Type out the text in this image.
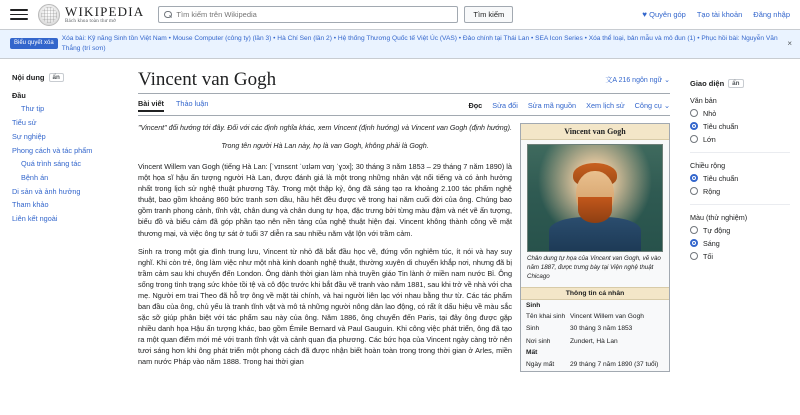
WIKIPEDIA
Bách khoa toàn thư mở
Tìm kiếm trên Wikipedia
Tìm kiếm	♥ Quyên góp Tạo tài khoản Đăng nhập
Biểu quyết xóa
Xóa bài: Kỹ năng Sinh tồn Việt Nam • Mouse Computer (công ty) (lần 3) • Hà Chí Sen (lần 2) • Hệ thống Thương Quốc tế Việt Úc (VAS) • Đảo chính tại Thái Lan • SEA Icon Series • Xóa thể loại, bản mẫu và mô đun (1) • Phục hồi bài: Nguyễn Văn Thắng (trí sơn)
×
Nội dung	ẩn
Đầu
Thư tịp
Tiểu sử
Sự nghiệp
Phong cách và tác phẩm
Quá trình sáng tác
Bệnh án
Di sản và ảnh hưởng
Tham khảo
Liên kết ngoài
文A 216 ngôn ngữ ⌄
Vincent van Gogh
Bài viết Thảo luận	Đọc Sửa đổi Sửa mã nguồn Xem lịch sử Công cụ ⌄
Vincent van Gogh
Chân dung tự họa của Vincent van Gogh, vẽ vào năm 1887, được trưng bày tại Viện nghệ thuật Chicago
Thông tin cá nhân
Sinh
Tên khai sinh Vincent Willem van Gogh
Sinh	30 tháng 3 năm 1853
Nơi sinh	Zundert, Hà Lan
Mất
Ngày mất	29 tháng 7 năm 1890 (37 tuổi)
"Vincent" đổi hướng tới đây. Đối với các định nghĩa khác, xem Vincent (định hướng) và Vincent van Gogh (định hướng).
Trong tên người Hà Lan này, họ là van Gogh, không phải là Gogh.

Vincent Willem van Gogh (tiếng Hà Lan: [ˈvɪnsɛnt ˈʋɪləm vɑŋ ˈɣɔx]; 30 tháng 3 năm 1853 – 29 tháng 7 năm 1890) là một họa sĩ hậu ấn tượng người Hà Lan, được đánh giá là một trong những nhân vật nổi tiếng và có ảnh hưởng nhất trong lịch sử nghệ thuật phương Tây. Trong một thập kỷ, ông đã sáng tạo ra khoảng 2.100 tác phẩm nghệ thuật, bao gồm khoảng 860 bức tranh sơn dầu, hầu hết đều được vẽ trong hai năm cuối đời của ông. Chúng bao gồm tranh phong cảnh, tĩnh vật, chân dung và chân dung tự họa, đặc trưng bởi từng màu đậm và nét vẽ ấn tượng, biểu đồ và biểu cảm đã góp phần tạo nên nền tảng của nghệ thuật hiện đại. Vincent không thành công về mặt thương mại, và việc ông tự sát ở tuổi 37 diễn ra sau nhiều năm vật lộn với trầm cảm.

Sinh ra trong một gia đình trung lưu, Vincent từ nhỏ đã bắt đầu học vẽ, đứng vốn nghiêm túc, ít nói và hay suy nghĩ. Khi còn trẻ, ông làm việc như một nhà kinh doanh nghệ thuật, thường xuyên di chuyển khắp nơi, nhưng đã bị trầm cảm sau khi chuyển đến London. Ông dành thời gian làm nhà truyền giáo Tin lành ở miền nam nước Bỉ. Ông sống trong tình trạng sức khỏe tồi tệ và cô độc trước khi bắt đầu vẽ tranh vào năm 1881, sau khi trở về nhà với cha mẹ. Người em trai Theo đã hỗ trợ ông về mặt tài chính, và hai người liên lạc với nhau bằng thư từ. Các tác phẩm ban đầu của ông, chủ yếu là tranh tĩnh vật và mô tả những người nông dân lao động, có rất ít dấu hiệu về màu sắc sặc sỡ giúp phân biệt với tác phẩm sau này của ông. Năm 1886, ông chuyển đến Paris, tại đây ông được gặp nhiều danh họa Hậu ấn tượng khác, bao gồm Émile Bernard và Paul Gauguin. Khi công việc phát triển, ông đã tạo ra một quan điểm mới mẻ với tranh tĩnh vật và cảnh quan địa phương. Các bức họa của Vincent ngày càng trở nên tươi sáng hơn khi ông phát triển một phong cách đã được nhận biết hoàn toàn trong trong thời gian ở Arles, miền nam nước Pháp vào năm 1888. Trong hai thời gian

Giao diện	ẩn
Văn bản
Nhỏ
Tiêu chuẩn
Lớn
Chiều rộng
Tiêu chuẩn
Rộng
Màu (thử nghiệm)
Tự động
Sáng
Tối
